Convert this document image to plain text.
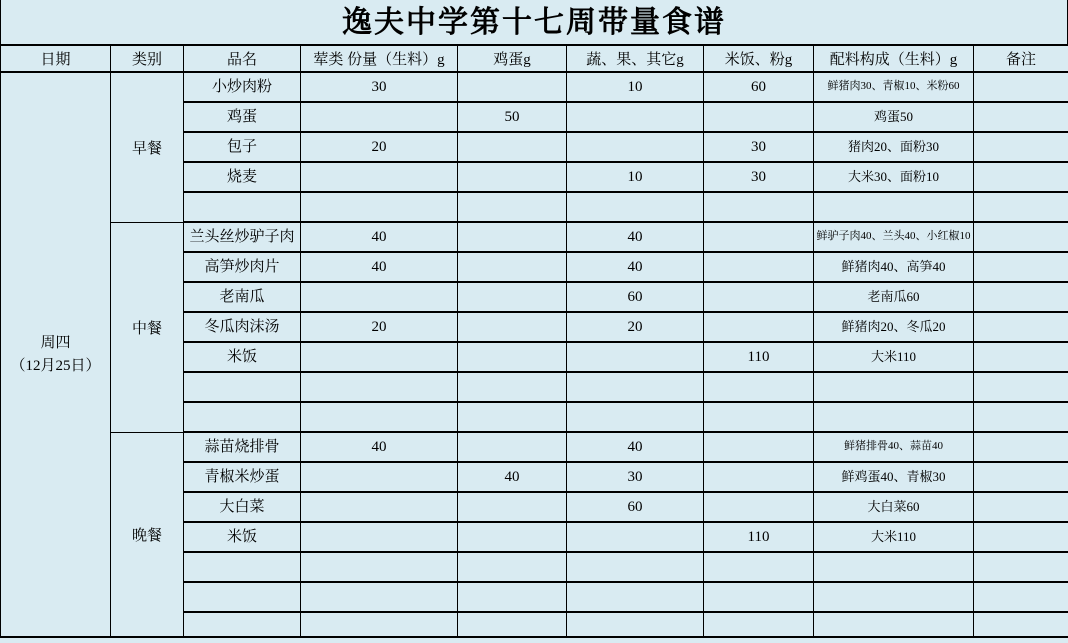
逸夫中学第十七周带量食谱
日期	类别	品名	荤类 份量（生料）g	鸡蛋g	蔬、果、其它g	米饭、粉g	配料构成（生料）g	备注

周四
（12月25日）	早餐	小炒肉粉	30		10	60	鲜猪肉30、青椒10、米粉60	
		鸡蛋		50			鸡蛋50	
		包子	20			30	猪肉20、面粉30	
		烧麦			10	30	大米30、面粉10	

	中餐	兰头丝炒驴子肉	40		40		鲜驴子肉40、兰头40、小红椒10	
		高笋炒肉片	40		40		鲜猪肉40、高笋40	
		老南瓜			60		老南瓜60	
		冬瓜肉沫汤	20		20		鲜猪肉20、冬瓜20	
		米饭				110	大米110	

	晚餐	蒜苗烧排骨	40		40		鲜猪排骨40、蒜苗40	
		青椒米炒蛋		40	30		鲜鸡蛋40、青椒30	
		大白菜			60		大白菜60	
		米饭				110	大米110	
